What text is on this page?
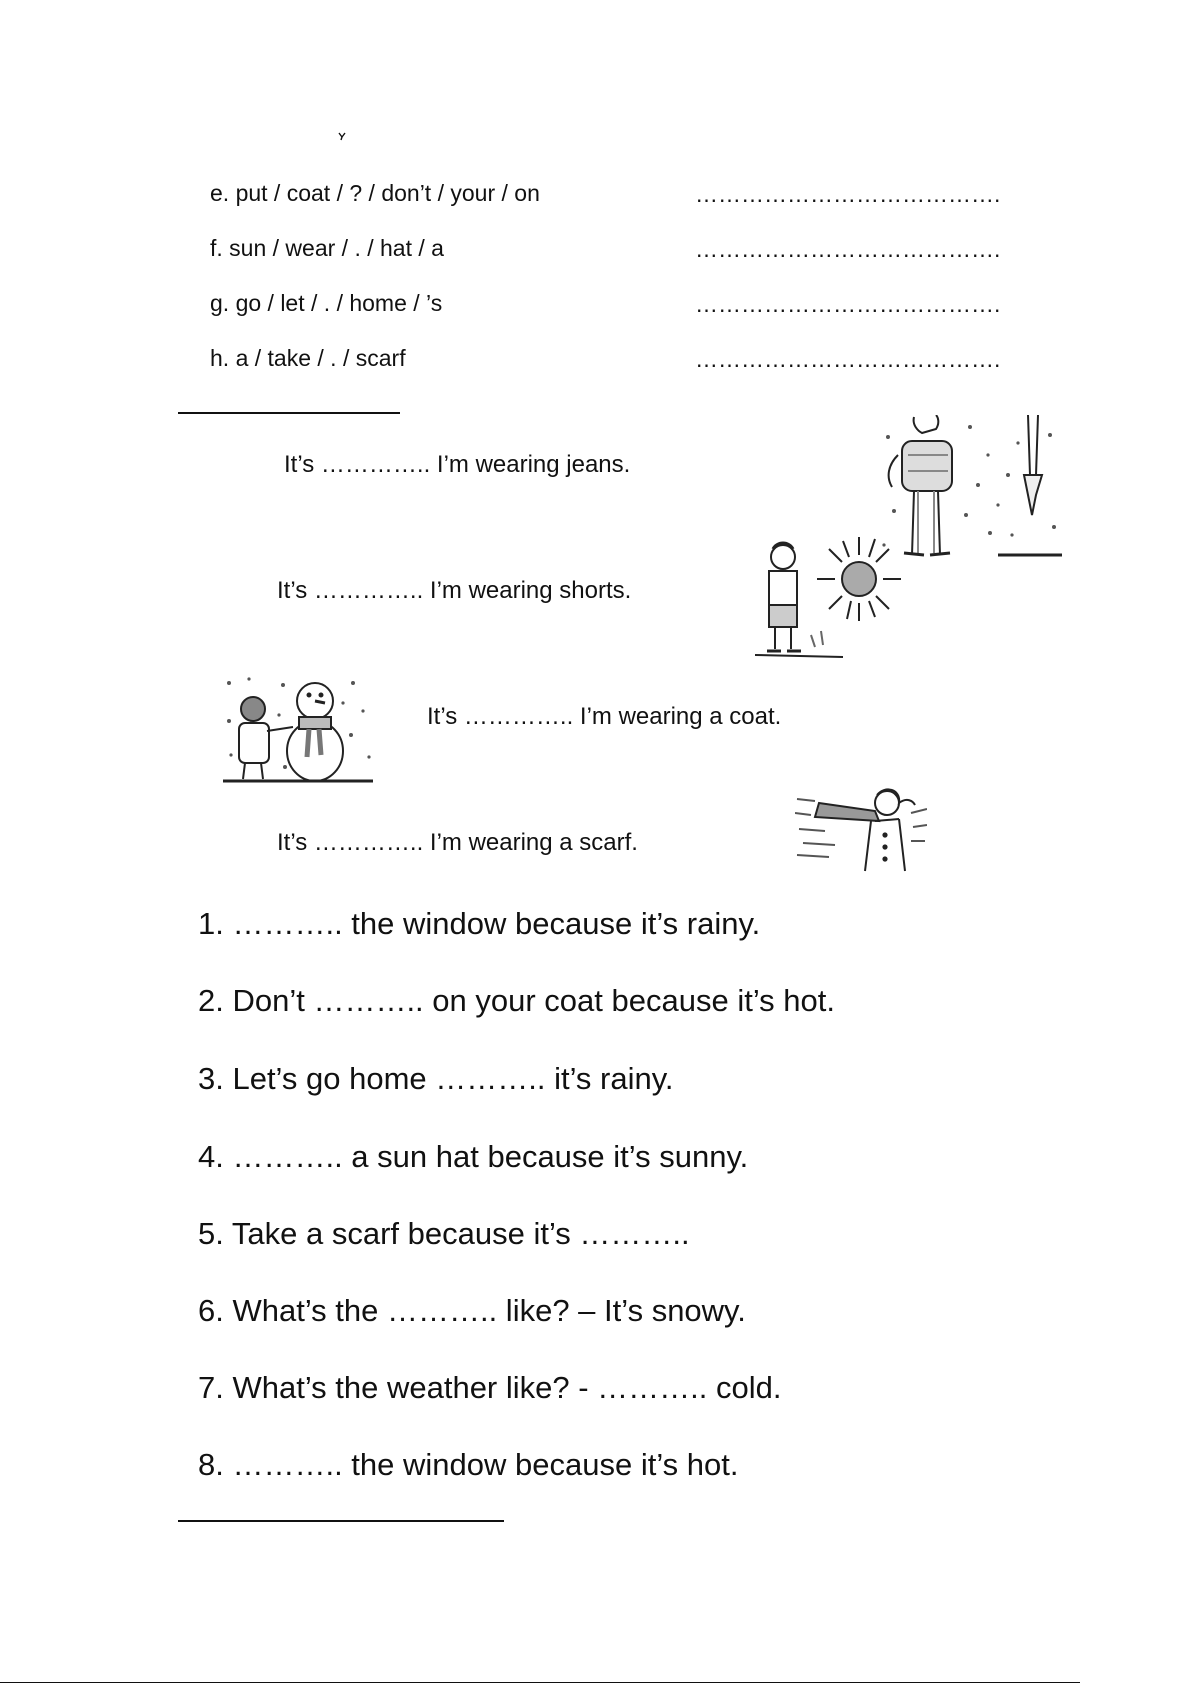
e. put / coat / ? / don’t / your / on	………………………………….
f. sun / wear / . / hat / a	………………………………….
g. go / let / . / home / ’s	………………………………….
h. a / take / . / scarf	………………………………….
It’s ………….. I’m wearing jeans.
It’s ………….. I’m wearing shorts.
It’s ………….. I’m wearing a coat.
It’s ………….. I’m wearing a scarf.
1. ……….. the window because it’s rainy.
2. Don’t ……….. on your coat because it’s hot.
3. Let’s go home ……….. it’s rainy.
4. ……….. a sun hat because it’s sunny.
5. Take a scarf because it’s ………..
6. What’s the ……….. like? – It’s snowy.
7. What’s the weather like? - ……….. cold.
8. ……….. the window because it’s hot.
